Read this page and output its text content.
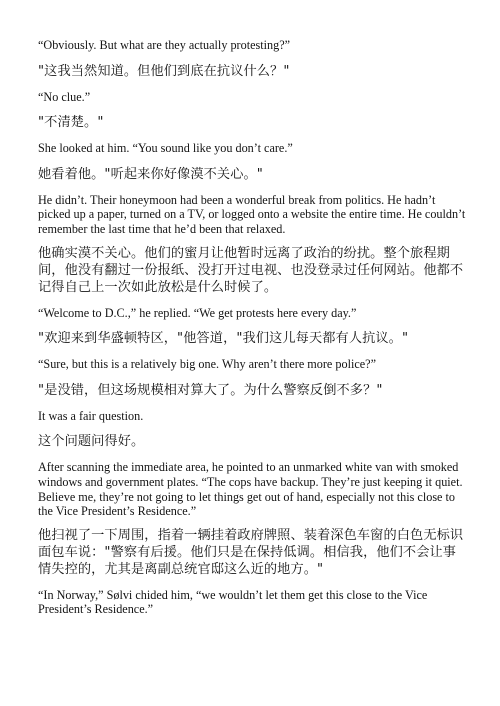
“Obviously. But what are they actually protesting?”

"这我当然知道。但他们到底在抗议什么？"

“No clue.”

"不清楚。"

She looked at him. “You sound like you don’t care.”

她看着他。"听起来你好像漠不关心。"

He didn’t. Their honeymoon had been a wonderful break from politics. He hadn’t picked up a paper, turned on a TV, or logged onto a website the entire time. He couldn’t remember the last time that he’d been that relaxed.

他确实漠不关心。他们的蜜月让他暂时远离了政治的纷扰。整个旅程期间，他没有翻过一份报纸、没打开过电视、也没登录过任何网站。他都不记得自己上一次如此放松是什么时候了。

“Welcome to D.C.,” he replied. “We get protests here every day.”

"欢迎来到华盛顿特区，"他答道，"我们这儿每天都有人抗议。"

“Sure, but this is a relatively big one. Why aren’t there more police?”

"是没错，但这场规模相对算大了。为什么警察反倒不多？"

It was a fair question.

这个问题问得好。

After scanning the immediate area, he pointed to an unmarked white van with smoked windows and government plates. “The cops have backup. They’re just keeping it quiet. Believe me, they’re not going to let things get out of hand, especially not this close to the Vice President’s Residence.”

他扫视了一下周围，指着一辆挂着政府牌照、装着深色车窗的白色无标识面包车说："警察有后援。他们只是在保持低调。相信我，他们不会让事情失控的，尤其是离副总统官邸这么近的地方。"

“In Norway,” Sølvi chided him, “we wouldn’t let them get this close to the Vice President’s Residence.”
